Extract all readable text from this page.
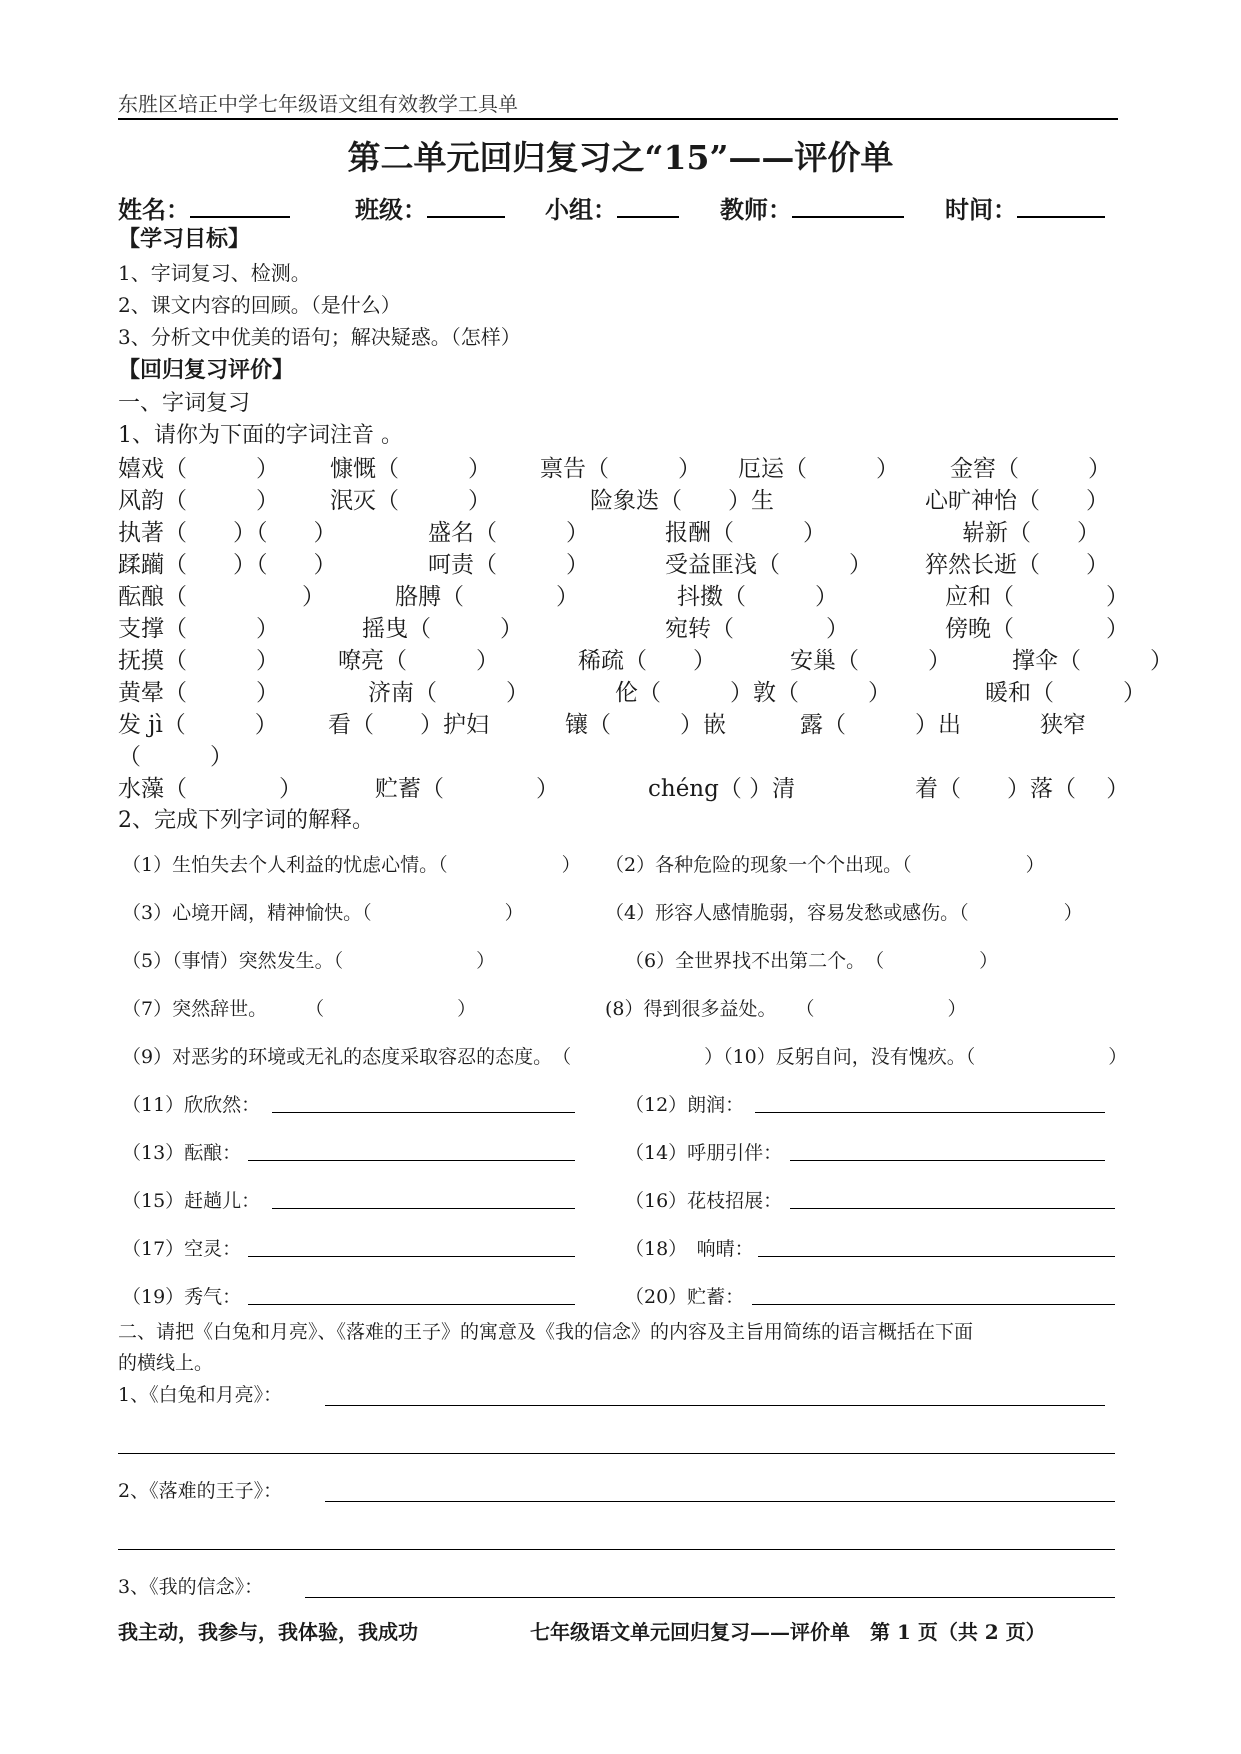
东胜区培正中学七年级语文组有效教学工具单
第二单元回归复习之“15”——评价单
姓名：	班级：	小组：	教师：	时间：
【学习目标】
1、字词复习、检测。
2、课文内容的回顾。（是什么）
3、分析文中优美的语句；解决疑惑。（怎样）
【回归复习评价】
一、字词复习
1、请你为下面的字词注音 。
嬉戏（　　　） 慷慨（　　　） 禀告（　　　） 厄运（　　　） 金窖（　　　）
风韵（　　　） 泯灭（　　　）	险象迭（　　）生	心旷神怡（　　）
执著（　　）（　　）	盛名（　　　）	报酬（　　　）	崭新（　　）
蹂躏（　　）（　　）	呵责（　　　）	受益匪浅（　　　） 猝然长逝（　　）
酝酿（　　　　　）	胳膊（　　　　）	抖擞（　　　）	应和（　　　　）
支撑（　　　）	摇曳（　　　）	宛转（　　　　）	傍晚（　　　　）
抚摸（　　　）	嘹亮（　　　）	稀疏（　　）	安巢（　　　）	撑伞（　　　）
黄晕（　　　）	济南（　　　）	伦（　　　）敦（　　　）	暖和（　　　）
发 jì（　　　） 看（　　）护妇	镶（　　　）嵌	露（　　　）出	狭窄
（　　　）
水藻（　　　　）	贮蓄（　　　　）	chéng（ ）清	着（　　）落（　 ）
2、完成下列字词的解释。
（1）生怕失去个人利益的忧虑心情。（　　　　　　） （2）各种危险的现象一个个出现。（　　　　　　）
（3）心境开阔，精神愉快。（　　　　　　　）	（4）形容人感情脆弱，容易发愁或感伤。（　　　　　）
（5）（事情）突然发生。（　　　　　　　）	（6）全世界找不出第二个。　（　　　　　）
（7）突然辞世。　　　（　　　　　　　）	(8）得到很多益处。　　（　　　　　　　）
（9）对恶劣的环境或无礼的态度采取容忍的态度。　（　　　　　　　）（10）反躬自问，没有愧疚。（　　　　　　　）
（11）欣欣然：	（12）朗润：
（13）酝酿：	（14）呼朋引伴：
（15）赶趟儿：	（16）花枝招展：
（17）空灵：	（18）　响晴：
（19）秀气：	（20）贮蓄：
二、请把《白兔和月亮》、《落难的王子》的寓意及《我的信念》的内容及主旨用简练的语言概括在下面
的横线上。
1、《白兔和月亮》：
2、《落难的王子》：
3、《我的信念》：
我主动，我参与，我体验，我成功	七年级语文单元回归复习——评价单　第 1 页（共 2 页）
